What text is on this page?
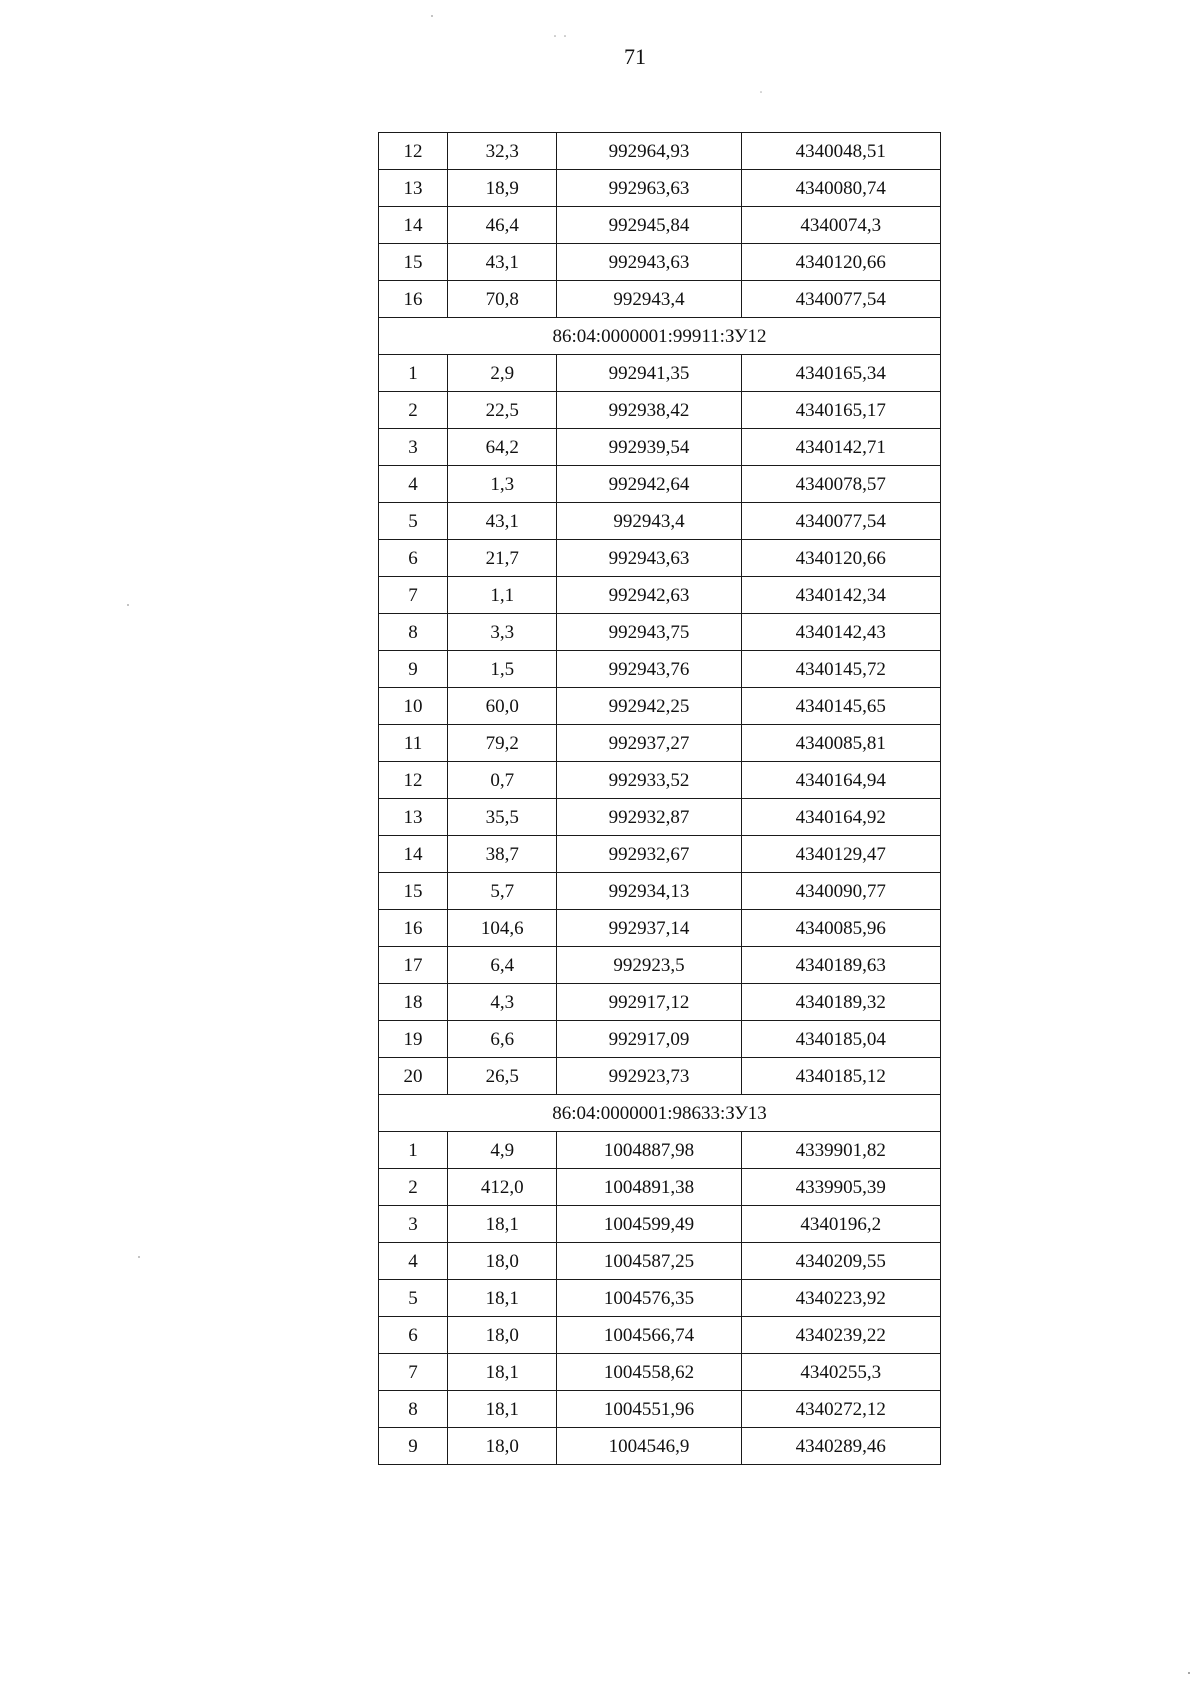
71
12	32,3	992964,93	4340048,51
13	18,9	992963,63	4340080,74
14	46,4	992945,84	4340074,3
15	43,1	992943,63	4340120,66
16	70,8	992943,4	4340077,54
86:04:0000001:99911:ЗУ12			
1	2,9	992941,35	4340165,34
2	22,5	992938,42	4340165,17
3	64,2	992939,54	4340142,71
4	1,3	992942,64	4340078,57
5	43,1	992943,4	4340077,54
6	21,7	992943,63	4340120,66
7	1,1	992942,63	4340142,34
8	3,3	992943,75	4340142,43
9	1,5	992943,76	4340145,72
10	60,0	992942,25	4340145,65
11	79,2	992937,27	4340085,81
12	0,7	992933,52	4340164,94
13	35,5	992932,87	4340164,92
14	38,7	992932,67	4340129,47
15	5,7	992934,13	4340090,77
16	104,6	992937,14	4340085,96
17	6,4	992923,5	4340189,63
18	4,3	992917,12	4340189,32
19	6,6	992917,09	4340185,04
20	26,5	992923,73	4340185,12
86:04:0000001:98633:ЗУ13			
1	4,9	1004887,98	4339901,82
2	412,0	1004891,38	4339905,39
3	18,1	1004599,49	4340196,2
4	18,0	1004587,25	4340209,55
5	18,1	1004576,35	4340223,92
6	18,0	1004566,74	4340239,22
7	18,1	1004558,62	4340255,3
8	18,1	1004551,96	4340272,12
9	18,0	1004546,9	4340289,46
